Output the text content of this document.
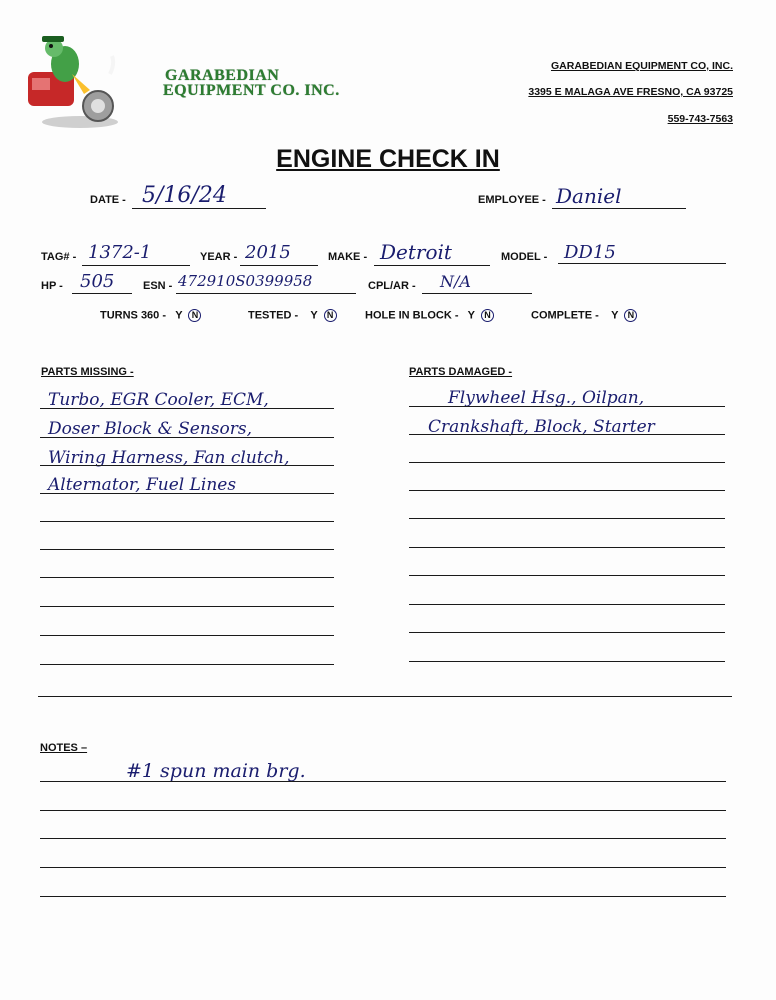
GARABEDIAN
EQUIPMENT CO. INC.
GARABEDIAN EQUIPMENT CO, INC.
3395 E MALAGA AVE FRESNO, CA 93725
559-743-7563
ENGINE CHECK IN
DATE - 5/16/24	EMPLOYEE - Daniel
TAG# - 1372-1	YEAR - 2015	MAKE - Detroit	MODEL - DD15
HP - 505	ESN - 472910S0399958	CPL/AR - N/A
TURNS 360 - Y N	TESTED - Y N	HOLE IN BLOCK - Y N	COMPLETE - Y N
PARTS MISSING -
Turbo, EGR Cooler, ECM,
Doser Block & Sensors,
Wiring Harness, Fan clutch,
Alternator, Fuel Lines
PARTS DAMAGED -
Flywheel Hsg., Oilpan,
Crankshaft, Block, Starter
NOTES –
#1 spun main brg.
